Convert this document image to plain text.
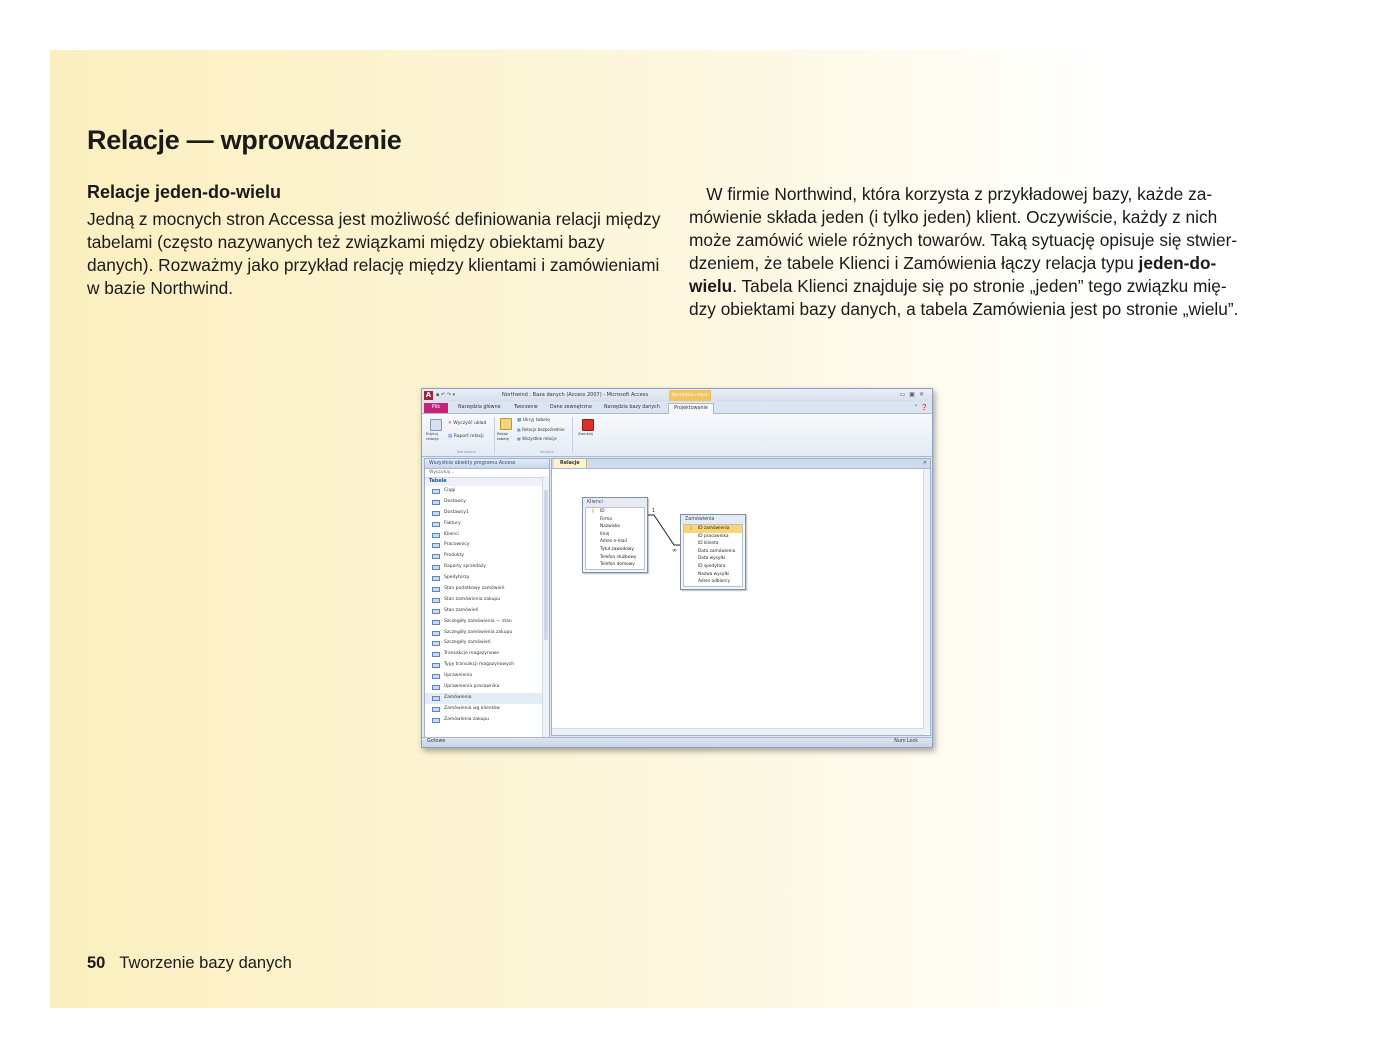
Relacje — wprowadzenie
Relacje jeden-do-wielu
Jedną z mocnych stron Accessa jest możliwość definiowania relacji między tabelami (często nazywanych też związkami między obiektami bazy danych). Rozważmy jako przykład relację między klientami i zamówieniami w bazie Northwind.
 W firmie Northwind, która korzysta z przykładowej bazy, każde za-
mówienie składa jeden (i tylko jeden) klient. Oczywiście, każdy z nich
może zamówić wiele różnych towarów. Taką sytuację opisuje się stwier-
dzeniem, że tabele Klienci i Zamówienia łączy relacja typu jeden-do-
wielu. Tabela Klienci znajduje się po stronie „jeden” tego związku mię-
dzy obiektami bazy danych, a tabela Zamówienia jest po stronie „wielu”.
A ▪ ↶ ↷ ▾	Northwind : Baza danych (Access 2007) - Microsoft Access	Narzędzia relacji	▭▣✕
Plik	Narzędzia główne	Tworzenie	Dane zewnętrzne	Narzędzia bazy danych	Projektowanie	⌃ ❓
Edytuj relacje
✕ Wyczyść układ
▤ Raport relacji
Narzędzia
Pokaż tabelę
▦ Ukryj tabelę
▦ Relacje bezpośrednie
▦ Wszystkie relacje
Relacje
Zamknij
Wszystkie obiekty programu Access
Wyszukaj...
Tabele
Ciągi
Dostawcy
Dostawcy1
Faktury
Klienci
Pracownicy
Produkty
Raporty sprzedaży
Spedytorzy
Stan podatkowy zamówień
Stan zamówienia zakupu
Stan zamówień
Szczegóły zamówienia — stan
Szczegóły zamówienia zakupu
Szczegóły zamówień
Transakcje magazynowe
Typy transakcji magazynowych
Uprawnienia
Uprawnienia pracownika
Zamówienia
Zamówienia wg klientów
Zamówienia zakupu
Relacje	✕
1
∞
Klienci
⚷ ID
Firma
Nazwisko
Imię
Adres e-mail
Tytuł zawodowy
Telefon służbowy
Telefon domowy
Zamówienia
⚷ ID zamówienia
ID pracownika
ID klienta
Data zamówienia
Data wysyłki
ID spedytora
Nazwa wysyłki
Adres odbiorcy
Gotowe	Num Lock
50 Tworzenie bazy danych
